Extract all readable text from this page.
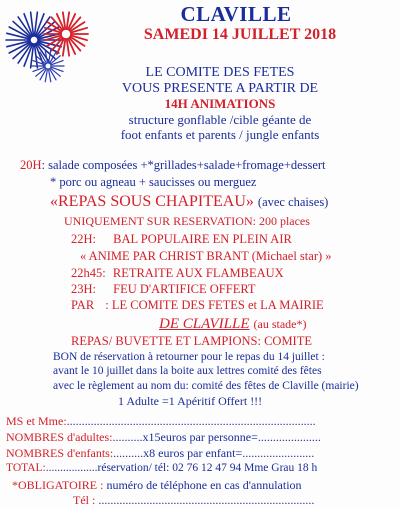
CLAVILLE
SAMEDI 14 JUILLET 2018
LE COMITE DES FETES
VOUS PRESENTE A PARTIR DE
14H ANIMATIONS
structure gonflable /cible géante de
foot enfants et parents / jungle enfants
20H: salade composées +*grillades+salade+fromage+dessert
* porc ou agneau + saucisses ou merguez
«REPAS SOUS CHAPITEAU» (avec chaises)
UNIQUEMENT SUR RESERVATION: 200 places
22H: BAL POPULAIRE EN PLEIN AIR
« ANIME PAR CHRIST BRANT (Michael star) »
22h45: RETRAITE AUX FLAMBEAUX
23H: FEU D'ARTIFICE OFFERT
PAR : LE COMITE DES FETES et LA MAIRIE
DE CLAVILLE (au stade*)
REPAS/ BUVETTE ET LAMPIONS: COMITE
BON de réservation à retourner pour le repas du 14 juillet :
avant le 10 juillet dans la boite aux lettres comité des fêtes
avec le règlement au nom du: comité des fêtes de Claville (mairie)
1 Adulte =1 Apéritif Offert !!!
MS et Mme:...................................................................................
NOMBRES d'adultes:..........x15euros par personne=.....................
NOMBRES d'enfants:..........x8 euros par enfant=........................
TOTAL:..................réservation/ tél: 02 76 12 47 94 Mme Grau 18 h
*OBLIGATOIRE : numéro de téléphone en cas d'annulation
Tél : ........................................................................
